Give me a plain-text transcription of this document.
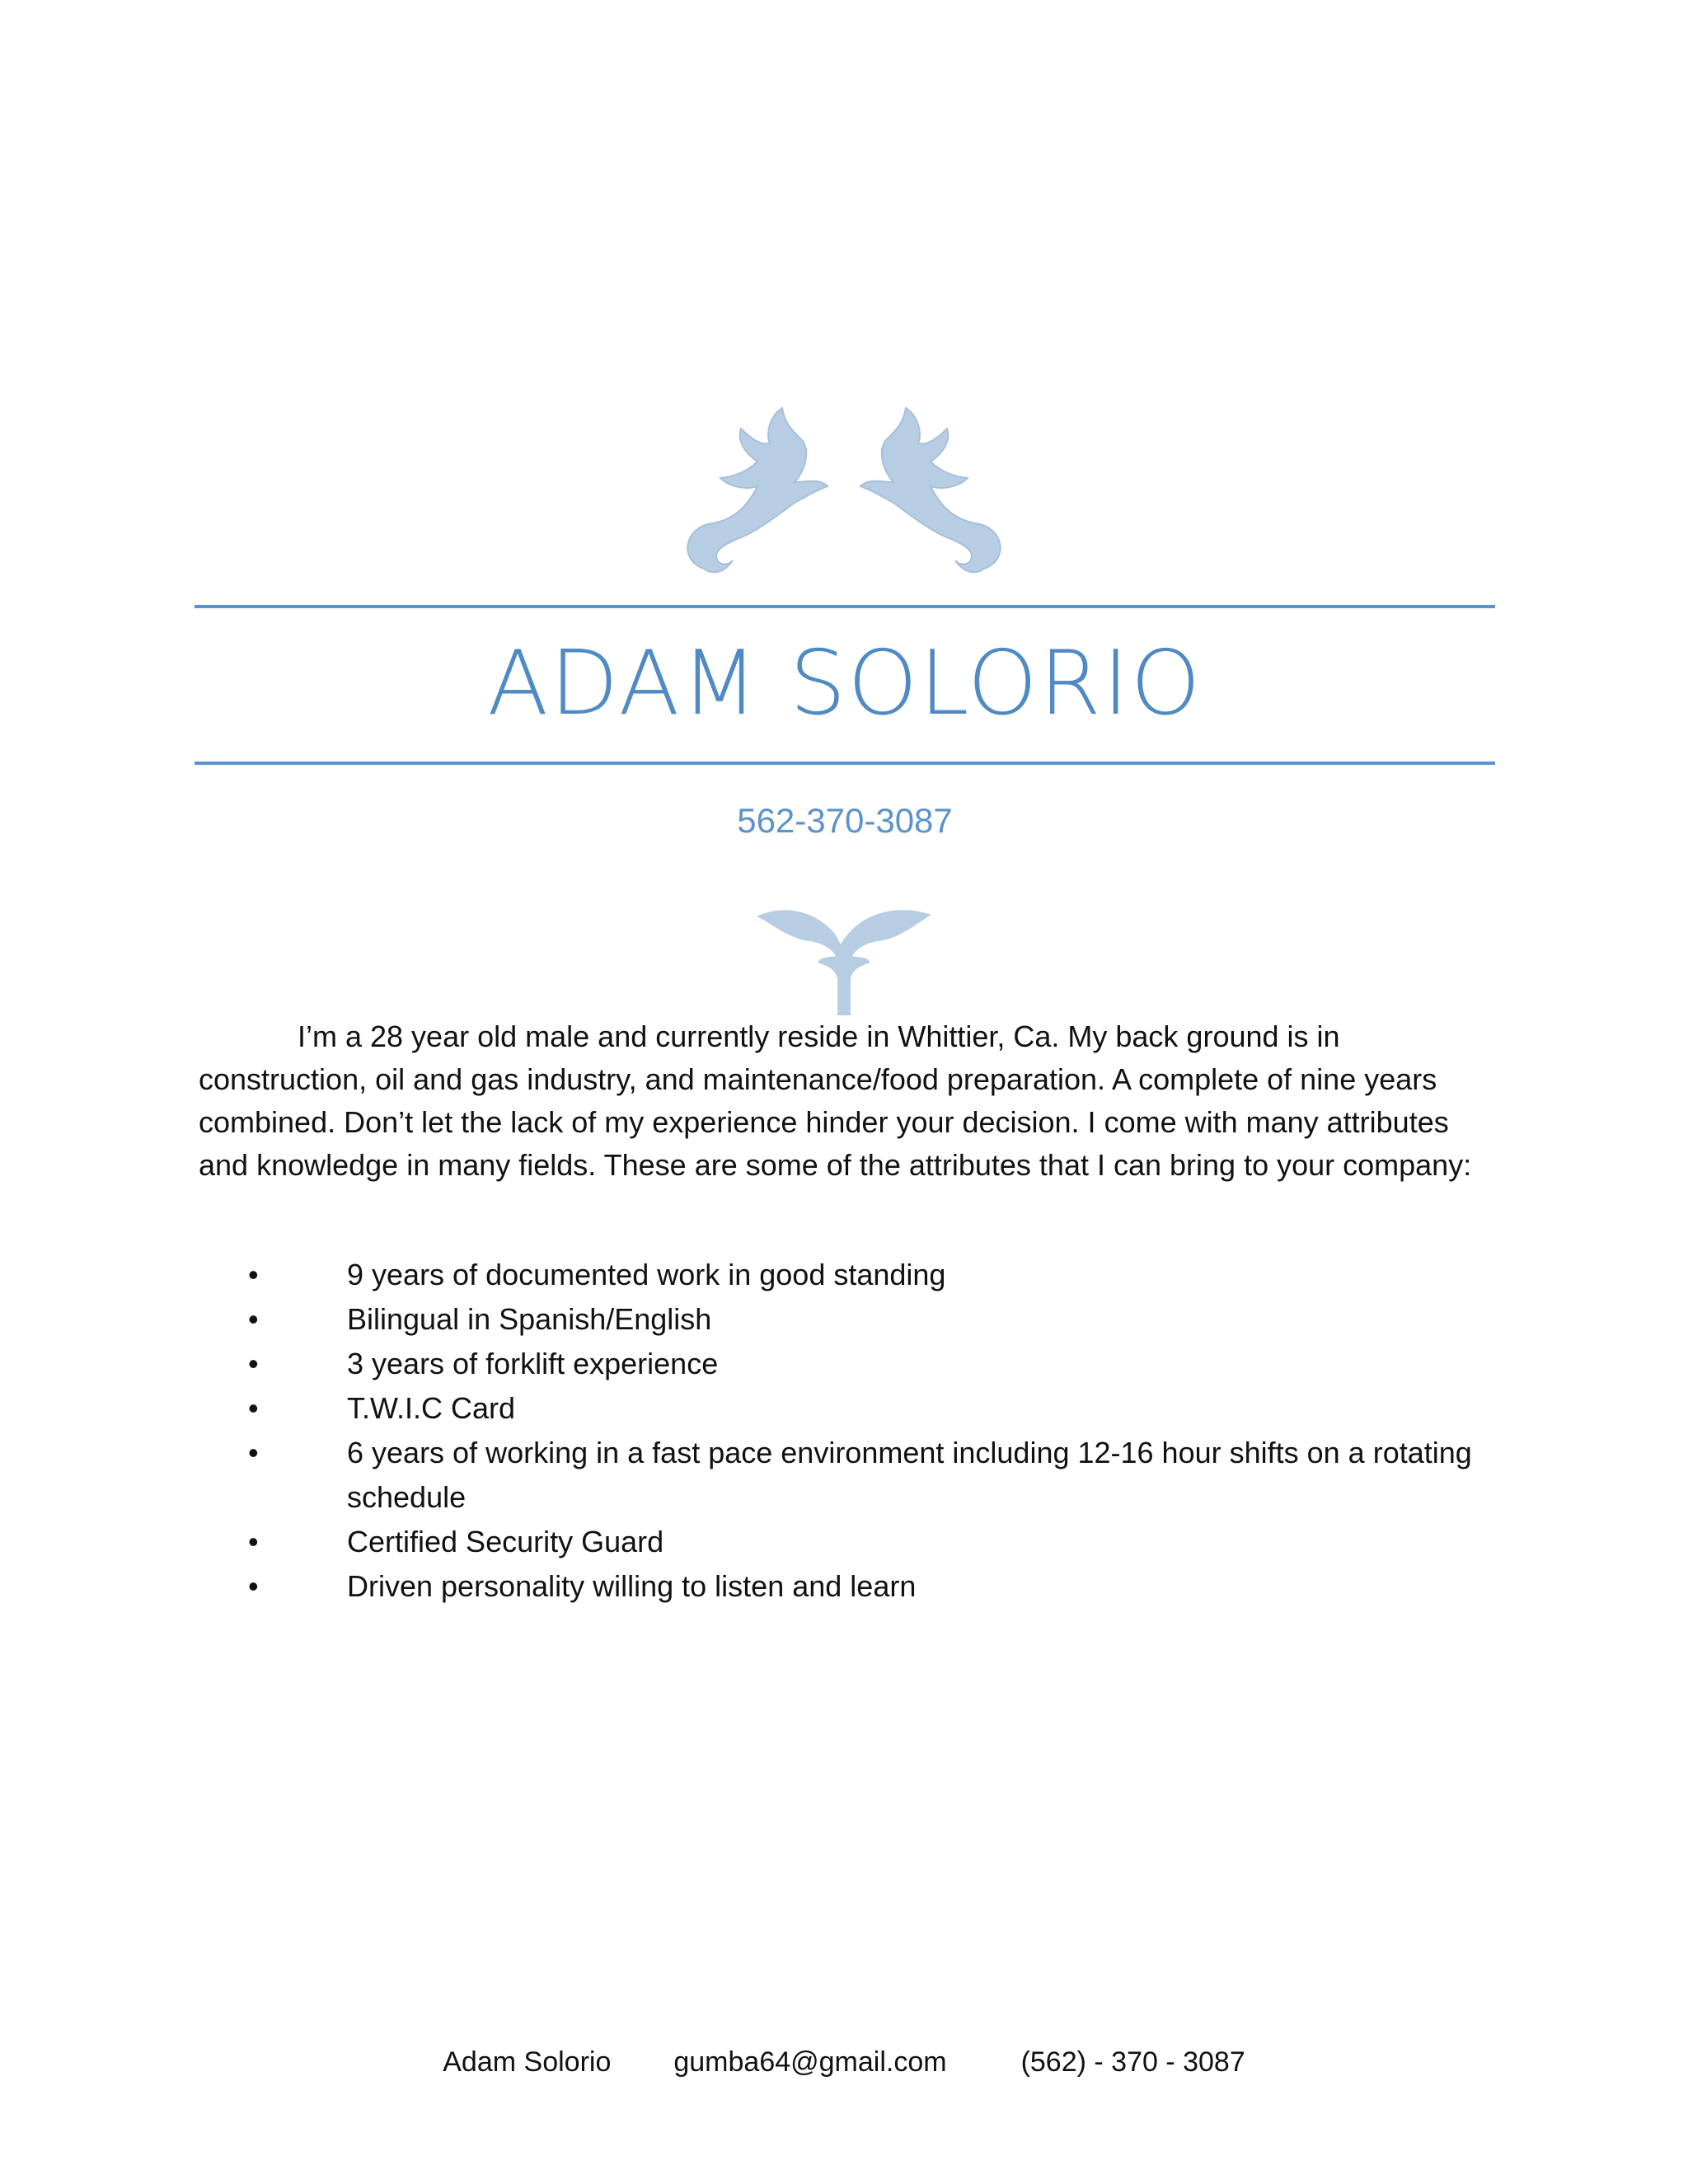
ADAM SOLORIO
562-370-3087

I’m a 28 year old male and currently reside in Whittier, Ca. My back ground is in construction, oil and gas industry, and maintenance/food preparation. A complete of nine years combined. Don’t let the lack of my experience hinder your decision. I come with many attributes and knowledge in many fields. These are some of the attributes that I can bring to your company:

•	9 years of documented work in good standing
•	Bilingual in Spanish/English
•	3 years of forklift experience
•	T.W.I.C Card
•	6 years of working in a fast pace environment including 12-16 hour shifts on a rotating schedule
•	Certified Security Guard
•	Driven personality willing to listen and learn
Adam Solorio gumba64@gmail.com	(562) - 370 - 3087
